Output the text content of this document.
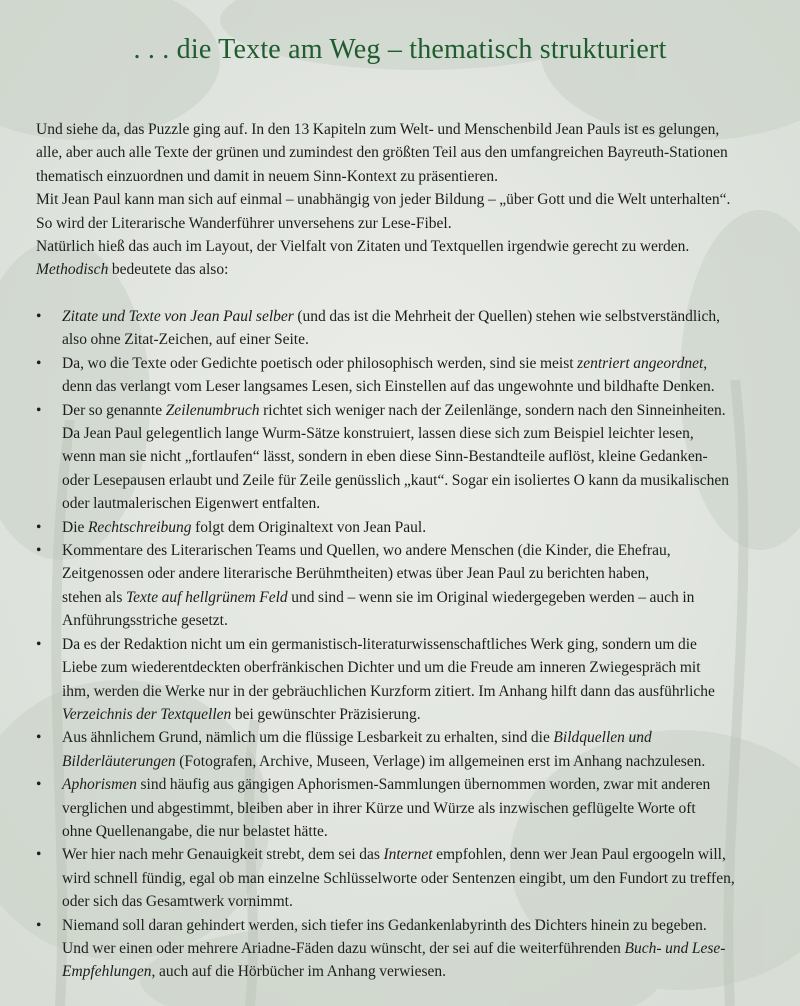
. . . die Texte am Weg – thematisch strukturiert

Und siehe da, das Puzzle ging auf. In den 13 Kapiteln zum Welt- und Menschenbild Jean Pauls ist es gelungen,

alle, aber auch alle Texte der grünen und zumindest den größten Teil aus den umfangreichen Bayreuth-Stationen

thematisch einzuordnen und damit in neuem Sinn-Kontext zu präsentieren.

Mit Jean Paul kann man sich auf einmal – unabhängig von jeder Bildung – „über Gott und die Welt unterhalten“.

So wird der Literarische Wanderführer unversehens zur Lese-Fibel.

Natürlich hieß das auch im Layout, der Vielfalt von Zitaten und Textquellen irgendwie gerecht zu werden.

Methodisch bedeutete das also:

•	Zitate und Texte von Jean Paul selber (und das ist die Mehrheit der Quellen) stehen wie selbstverständlich,
also ohne Zitat-Zeichen, auf einer Seite.
•	Da, wo die Texte oder Gedichte poetisch oder philosophisch werden, sind sie meist zentriert angeordnet,
denn das verlangt vom Leser langsames Lesen, sich Einstellen auf das ungewohnte und bildhafte Denken.
•	Der so genannte Zeilenumbruch richtet sich weniger nach der Zeilenlänge, sondern nach den Sinneinheiten.
Da Jean Paul gelegentlich lange Wurm-Sätze konstruiert, lassen diese sich zum Beispiel leichter lesen,
wenn man sie nicht „fortlaufen“ lässt, sondern in eben diese Sinn-Bestandteile auflöst, kleine Gedanken-
oder Lesepausen erlaubt und Zeile für Zeile genüsslich „kaut“. Sogar ein isoliertes O kann da musikalischen
oder lautmalerischen Eigenwert entfalten.
•	Die Rechtschreibung folgt dem Originaltext von Jean Paul.
•	Kommentare des Literarischen Teams und Quellen, wo andere Menschen (die Kinder, die Ehefrau,
Zeitgenossen oder andere literarische Berühmtheiten) etwas über Jean Paul zu berichten haben,
stehen als Texte auf hellgrünem Feld und sind – wenn sie im Original wiedergegeben werden – auch in
Anführungsstriche gesetzt.
•	Da es der Redaktion nicht um ein germanistisch-literaturwissenschaftliches Werk ging, sondern um die
Liebe zum wiederentdeckten oberfränkischen Dichter und um die Freude am inneren Zwiegespräch mit
ihm, werden die Werke nur in der gebräuchlichen Kurzform zitiert. Im Anhang hilft dann das ausführliche
Verzeichnis der Textquellen bei gewünschter Präzisierung.
•	Aus ähnlichem Grund, nämlich um die flüssige Lesbarkeit zu erhalten, sind die Bildquellen und
Bilderläuterungen (Fotografen, Archive, Museen, Verlage) im allgemeinen erst im Anhang nachzulesen.
•	Aphorismen sind häufig aus gängigen Aphorismen-Sammlungen übernommen worden, zwar mit anderen
verglichen und abgestimmt, bleiben aber in ihrer Kürze und Würze als inzwischen geflügelte Worte oft
ohne Quellenangabe, die nur belastet hätte.
•	Wer hier nach mehr Genauigkeit strebt, dem sei das Internet empfohlen, denn wer Jean Paul ergoogeln will,
wird schnell fündig, egal ob man einzelne Schlüsselworte oder Sentenzen eingibt, um den Fundort zu treffen,
oder sich das Gesamtwerk vornimmt.
•	Niemand soll daran gehindert werden, sich tiefer ins Gedankenlabyrinth des Dichters hinein zu begeben.
Und wer einen oder mehrere Ariadne-Fäden dazu wünscht, der sei auf die weiterführenden Buch- und Lese-
Empfehlungen, auch auf die Hörbücher im Anhang verwiesen.
